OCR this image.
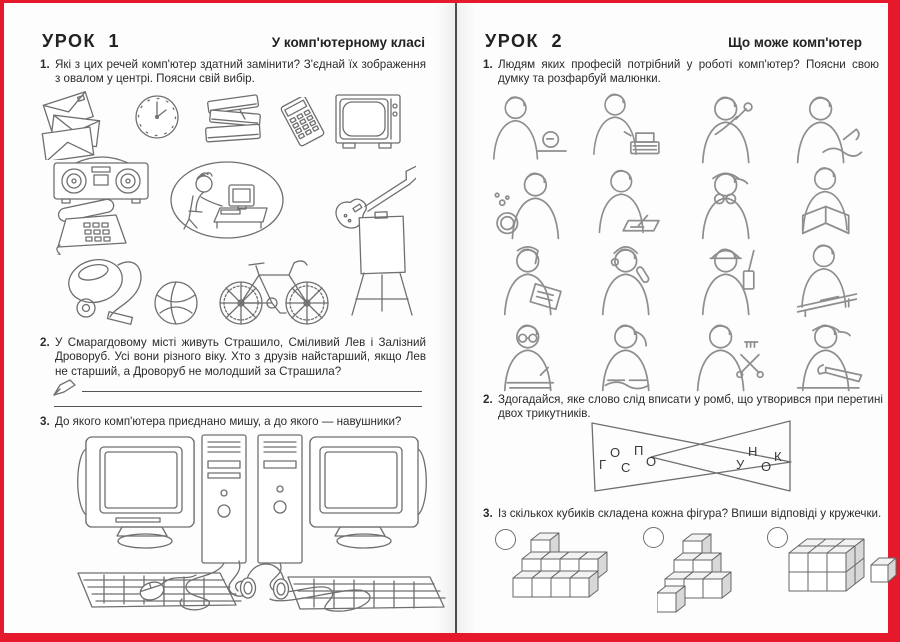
УРОК 1	У комп'ютерному класі
1. Які з цих речей комп'ютер здатний замінити? З'єднай їх зображення з овалом у центрі. Поясни свій вибір.
2. У Смарагдовому місті живуть Страшило, Сміливий Лев і Залізний Дроворуб. Усі вони різного віку. Хто з друзів найстарший, якщо Лев не старший, а Дроворуб не молодший за Страшила?
3. До якого комп'ютера приєднано мишу, а до якого — навушники?
УРОК 2	Що може комп'ютер
1. Людям яких професій потрібний у роботі комп'ютер? Поясни свою думку та розфарбуй малюнки.
2. Здогадайся, яке слово слід вписати у ромб, що утворився при перетині двох трикутників.
Г
О
С
П
О	У
Н
О
К
3. Із скількох кубиків складена кожна фігура? Впиши відповіді у кружечки.
